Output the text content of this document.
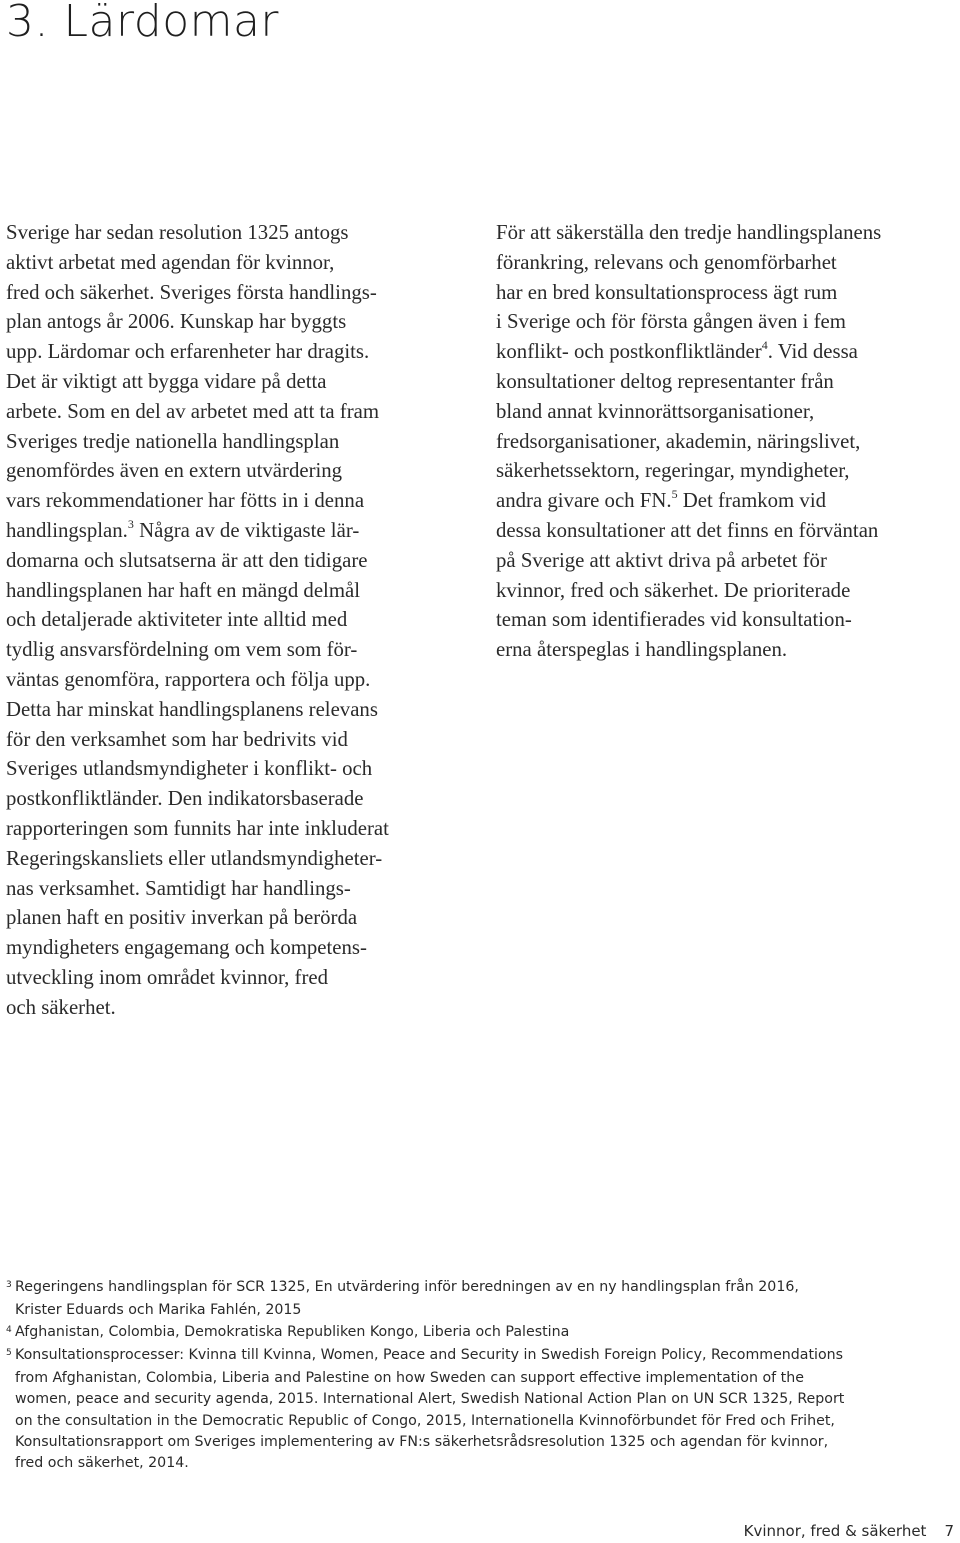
3. Lärdomar
Sverige har sedan resolution 1325 antogs
aktivt arbetat med agendan för kvinnor,
fred och säkerhet. Sveriges första handlings-
plan antogs år 2006. Kunskap har byggts
upp. Lärdomar och erfarenheter har dragits.
Det är viktigt att bygga vidare på detta
arbete. Som en del av arbetet med att ta fram
Sveriges tredje nationella handlingsplan
genomfördes även en extern utvärdering
vars rekommendationer har fötts in i denna
handlingsplan.$^3$ Några av de viktigaste lär-
domarna och slutsatserna är att den tidigare
handlingsplanen har haft en mängd delmål
och detaljerade aktiviteter inte alltid med
tydlig ansvarsfördelning om vem som för-
väntas genomföra, rapportera och följa upp.
Detta har minskat handlingsplanens relevans
för den verksamhet som har bedrivits vid
Sveriges utlandsmyndigheter i konflikt- och
postkonfliktländer. Den indikatorsbaserade
rapporteringen som funnits har inte inkluderat
Regeringskansliets eller utlandsmyndigheter-
nas verksamhet. Samtidigt har handlings-
planen haft en positiv inverkan på berörda
myndigheters engagemang och kompetens-
utveckling inom området kvinnor, fred
och säkerhet.
För att säkerställa den tredje handlingsplanens
förankring, relevans och genomförbarhet
har en bred konsultationsprocess ägt rum
i Sverige och för första gången även i fem
konflikt- och postkonfliktländer$^4$. Vid dessa
konsultationer deltog representanter från
bland annat kvinnorättsorganisationer,
fredsorganisationer, akademin, näringslivet,
säkerhetssektorn, regeringar, myndigheter,
andra givare och FN.$^5$ Det framkom vid
dessa konsultationer att det finns en förväntan
på Sverige att aktivt driva på arbetet för
kvinnor, fred och säkerhet. De prioriterade
teman som identifierades vid konsultation-
erna återspeglas i handlingsplanen.
3 Regeringens handlingsplan för SCR 1325, En utvärdering inför beredningen av en ny handlingsplan från 2016,
Krister Eduards och Marika Fahlén, 2015
4 Afghanistan, Colombia, Demokratiska Republiken Kongo, Liberia och Palestina
5 Konsultationsprocesser: Kvinna till Kvinna, Women, Peace and Security in Swedish Foreign Policy, Recommendations
from Afghanistan, Colombia, Liberia and Palestine on how Sweden can support effective implementation of the
women, peace and security agenda, 2015. International Alert, Swedish National Action Plan on UN SCR 1325, Report
on the consultation in the Democratic Republic of Congo, 2015, Internationella Kvinnoförbundet för Fred och Frihet,
Konsultationsrapport om Sveriges implementering av FN:s säkerhetsrådsresolution 1325 och agendan för kvinnor,
fred och säkerhet, 2014.
Kvinnor, fred & säkerhet 7
